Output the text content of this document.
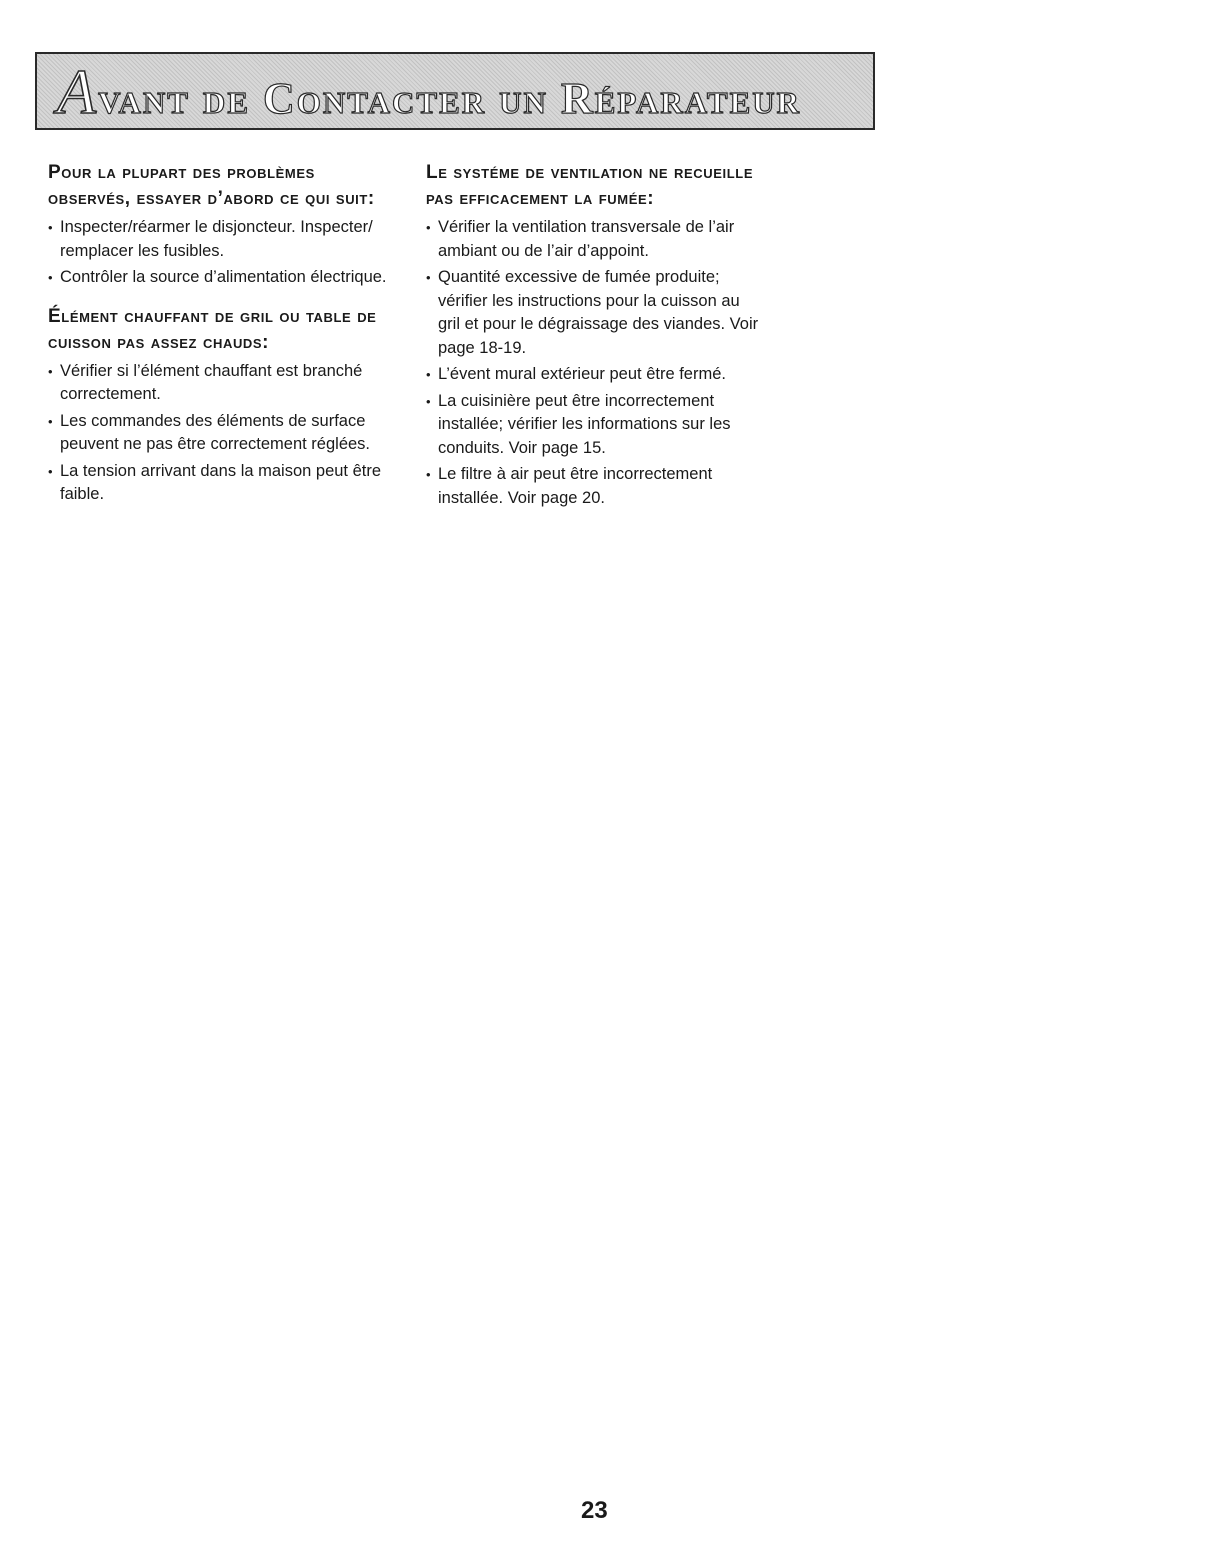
Avant de Contacter un Réparateur
Pour la plupart des problèmes observés, essayer d’abord ce qui suit:
• Inspecter/réarmer le disjoncteur. Inspecter/ remplacer les fusibles.
• Contrôler la source d’alimentation électrique.
Élément chauffant de gril ou table de cuisson pas assez chauds:
• Vérifier si l’élément chauffant est branché correctement.
• Les commandes des éléments de surface peuvent ne pas être correctement réglées.
• La tension arrivant dans la maison peut être faible.
Le systéme de ventilation ne recueille pas efficacement la fumée:
• Vérifier la ventilation transversale de l’air ambiant ou de l’air d’appoint.
• Quantité excessive de fumée produite; vérifier les instructions pour la cuisson au gril et pour le dégraissage des viandes. Voir page 18-19.
• L’évent mural extérieur peut être fermé.
• La cuisinière peut être incorrectement installée; vérifier les informations sur les conduits. Voir page 15.
• Le filtre à air peut être incorrectement installée. Voir page 20.
23
